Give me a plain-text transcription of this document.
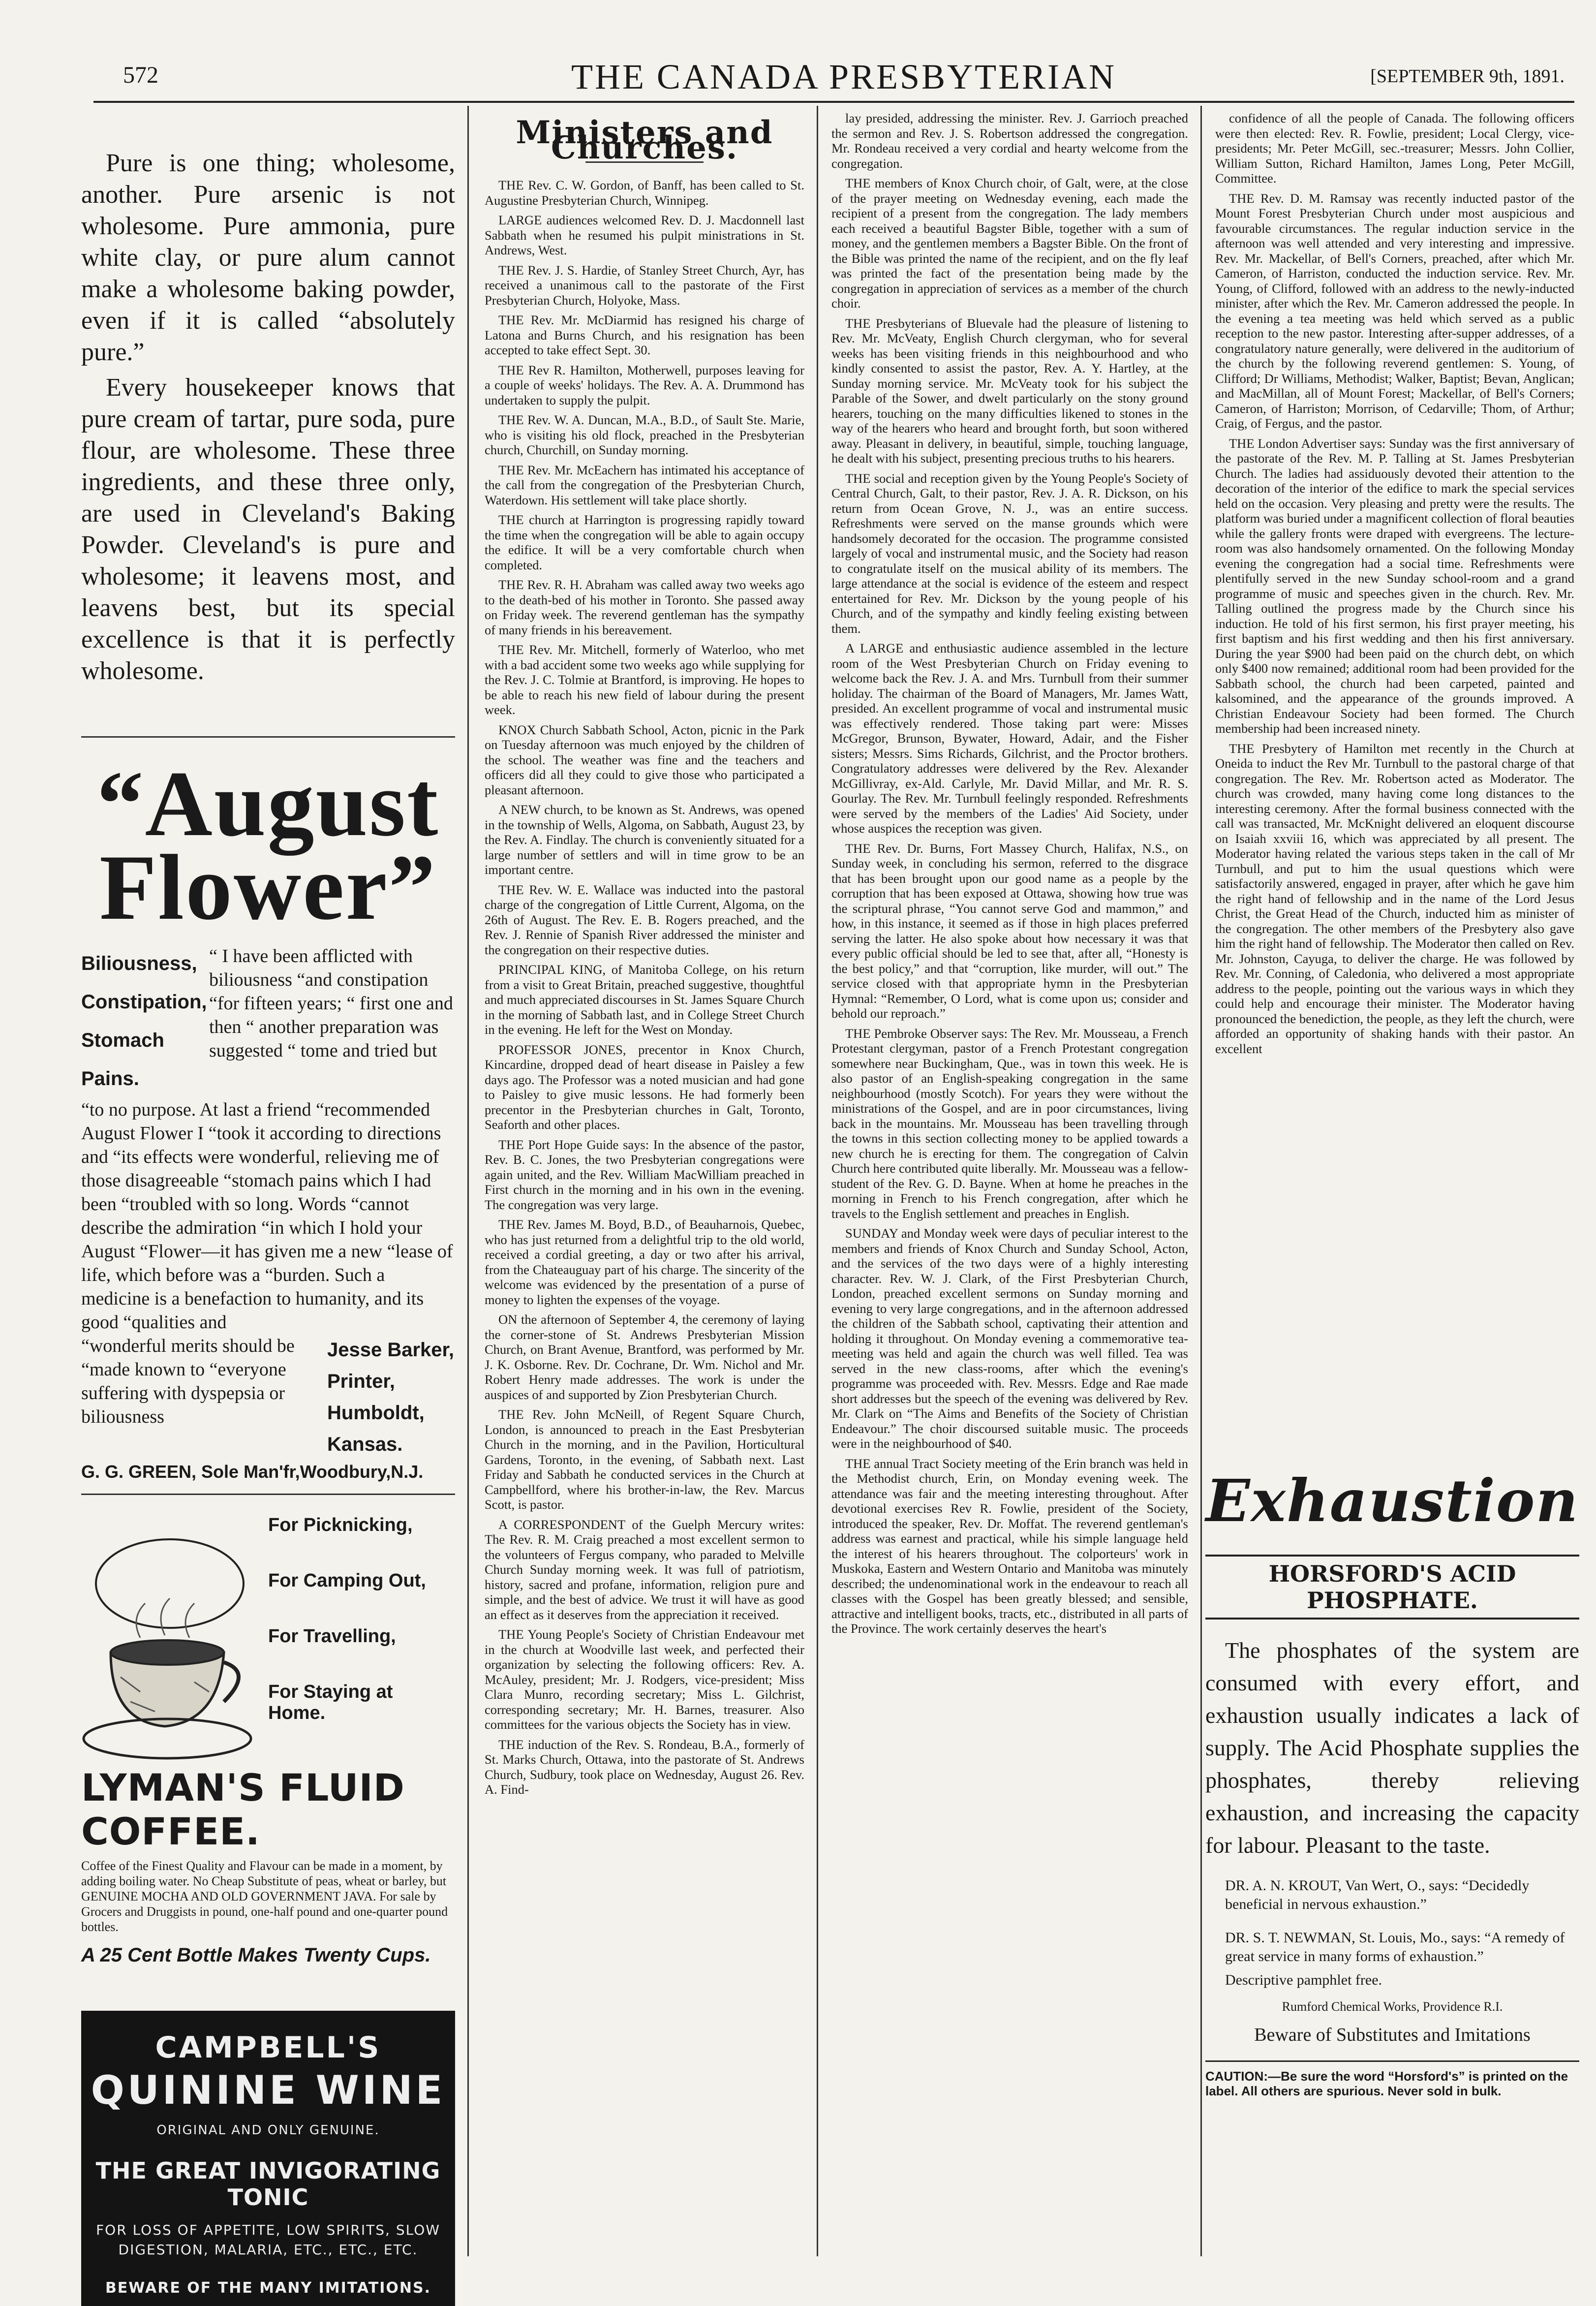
572	THE CANADA PRESBYTERIAN	[SEPTEMBER 9th, 1891.

Pure is one thing; wholesome, another. Pure arsenic is not wholesome. Pure ammonia, pure white clay, or pure alum cannot make a wholesome baking powder, even if it is called “absolutely pure.”

Every housekeeper knows that pure cream of tartar, pure soda, pure flour, are wholesome. These three ingredients, and these three only, are used in Cleveland's Baking Powder. Cleveland's is pure and wholesome; it leavens most, and leavens best, but its special excellence is that it is perfectly wholesome.

“August
Flower”
Biliousness,
Constipation,
Stomach
Pains.
“ I have been afflicted with biliousness “and constipation “for fifteen years; “ first one and then “ another preparation was suggested “ tome and tried but
“to no purpose. At last a friend “recommended August Flower I “took it according to directions and “its effects were wonderful, relieving me of those disagreeable “stomach pains which I had been “troubled with so long. Words “cannot describe the admiration “in which I hold your August “Flower—it has given me a new “lease of life, which before was a “burden. Such a medicine is a benefaction to humanity, and its good “qualities and
“wonderful merits should be “made known to “everyone suffering with dyspepsia or biliousness
Jesse Barker,
Printer,
Humboldt,
Kansas.
G. G. GREEN, Sole Man'fr,Woodbury,N.J.
For Picknicking,
For Camping Out,
For Travelling,
For Staying at Home.
LYMAN'S FLUID COFFEE.
Coffee of the Finest Quality and Flavour can be made in a moment, by adding boiling water. No Cheap Substitute of peas, wheat or barley, but GENUINE MOCHA AND OLD GOVERNMENT JAVA. For sale by Grocers and Druggists in pound, one-half pound and one-quarter pound bottles.
A 25 Cent Bottle Makes Twenty Cups.
CAMPBELL'S
QUININE WINE
ORIGINAL AND ONLY GENUINE.
THE GREAT INVIGORATING TONIC
FOR LOSS OF APPETITE, LOW SPIRITS, SLOW DIGESTION, MALARIA, ETC., ETC., ETC.
BEWARE OF THE MANY IMITATIONS.
Ministers and Churches.

THE Rev. C. W. Gordon, of Banff, has been called to St. Augustine Presbyterian Church, Winnipeg.

LARGE audiences welcomed Rev. D. J. Macdonnell last Sabbath when he resumed his pulpit ministrations in St. Andrews, West.

THE Rev. J. S. Hardie, of Stanley Street Church, Ayr, has received a unanimous call to the pastorate of the First Presbyterian Church, Holyoke, Mass.

THE Rev. Mr. McDiarmid has resigned his charge of Latona and Burns Church, and his resignation has been accepted to take effect Sept. 30.

THE Rev R. Hamilton, Motherwell, purposes leaving for a couple of weeks' holidays. The Rev. A. A. Drummond has undertaken to supply the pulpit.

THE Rev. W. A. Duncan, M.A., B.D., of Sault Ste. Marie, who is visiting his old flock, preached in the Presbyterian church, Churchill, on Sunday morning.

THE Rev. Mr. McEachern has intimated his acceptance of the call from the congregation of the Presbyterian Church, Waterdown. His settlement will take place shortly.

THE church at Harrington is progressing rapidly toward the time when the congregation will be able to again occupy the edifice. It will be a very comfortable church when completed.

THE Rev. R. H. Abraham was called away two weeks ago to the death-bed of his mother in Toronto. She passed away on Friday week. The reverend gentleman has the sympathy of many friends in his bereavement.

THE Rev. Mr. Mitchell, formerly of Waterloo, who met with a bad accident some two weeks ago while supplying for the Rev. J. C. Tolmie at Brantford, is improving. He hopes to be able to reach his new field of labour during the present week.

KNOX Church Sabbath School, Acton, picnic in the Park on Tuesday afternoon was much enjoyed by the children of the school. The weather was fine and the teachers and officers did all they could to give those who participated a pleasant afternoon.

A NEW church, to be known as St. Andrews, was opened in the township of Wells, Algoma, on Sabbath, August 23, by the Rev. A. Findlay. The church is conveniently situated for a large number of settlers and will in time grow to be an important centre.

THE Rev. W. E. Wallace was inducted into the pastoral charge of the congregation of Little Current, Algoma, on the 26th of August. The Rev. E. B. Rogers preached, and the Rev. J. Rennie of Spanish River addressed the minister and the congregation on their respective duties.

PRINCIPAL KING, of Manitoba College, on his return from a visit to Great Britain, preached suggestive, thoughtful and much appreciated discourses in St. James Square Church in the morning of Sabbath last, and in College Street Church in the evening. He left for the West on Monday.

PROFESSOR JONES, precentor in Knox Church, Kincardine, dropped dead of heart disease in Paisley a few days ago. The Professor was a noted musician and had gone to Paisley to give music lessons. He had formerly been precentor in the Presbyterian churches in Galt, Toronto, Seaforth and other places.

THE Port Hope Guide says: In the absence of the pastor, Rev. B. C. Jones, the two Presbyterian congregations were again united, and the Rev. William MacWilliam preached in First church in the morning and in his own in the evening. The congregation was very large.

THE Rev. James M. Boyd, B.D., of Beauharnois, Quebec, who has just returned from a delightful trip to the old world, received a cordial greeting, a day or two after his arrival, from the Chateauguay part of his charge. The sincerity of the welcome was evidenced by the presentation of a purse of money to lighten the expenses of the voyage.

ON the afternoon of September 4, the ceremony of laying the corner-stone of St. Andrews Presbyterian Mission Church, on Brant Avenue, Brantford, was performed by Mr. J. K. Osborne. Rev. Dr. Cochrane, Dr. Wm. Nichol and Mr. Robert Henry made addresses. The work is under the auspices of and supported by Zion Presbyterian Church.

THE Rev. John McNeill, of Regent Square Church, London, is announced to preach in the East Presbyterian Church in the morning, and in the Pavilion, Horticultural Gardens, Toronto, in the evening, of Sabbath next. Last Friday and Sabbath he conducted services in the Church at Campbellford, where his brother-in-law, the Rev. Marcus Scott, is pastor.

A CORRESPONDENT of the Guelph Mercury writes: The Rev. R. M. Craig preached a most excellent sermon to the volunteers of Fergus company, who paraded to Melville Church Sunday morning week. It was full of patriotism, history, sacred and profane, information, religion pure and simple, and the best of advice. We trust it will have as good an effect as it deserves from the appreciation it received.

THE Young People's Society of Christian Endeavour met in the church at Woodville last week, and perfected their organization by selecting the following officers: Rev. A. McAuley, president; Mr. J. Rodgers, vice-president; Miss Clara Munro, recording secretary; Miss L. Gilchrist, corresponding secretary; Mr. H. Barnes, treasurer. Also committees for the various objects the Society has in view.

THE induction of the Rev. S. Rondeau, B.A., formerly of St. Marks Church, Ottawa, into the pastorate of St. Andrews Church, Sudbury, took place on Wednesday, August 26. Rev. A. Find-

lay presided, addressing the minister. Rev. J. Garrioch preached the sermon and Rev. J. S. Robertson addressed the congregation. Mr. Rondeau received a very cordial and hearty welcome from the congregation.

THE members of Knox Church choir, of Galt, were, at the close of the prayer meeting on Wednesday evening, each made the recipient of a present from the congregation. The lady members each received a beautiful Bagster Bible, together with a sum of money, and the gentlemen members a Bagster Bible. On the front of the Bible was printed the name of the recipient, and on the fly leaf was printed the fact of the presentation being made by the congregation in appreciation of services as a member of the church choir.

THE Presbyterians of Bluevale had the pleasure of listening to Rev. Mr. McVeaty, English Church clergyman, who for several weeks has been visiting friends in this neighbourhood and who kindly consented to assist the pastor, Rev. A. Y. Hartley, at the Sunday morning service. Mr. McVeaty took for his subject the Parable of the Sower, and dwelt particularly on the stony ground hearers, touching on the many difficulties likened to stones in the way of the hearers who heard and brought forth, but soon withered away. Pleasant in delivery, in beautiful, simple, touching language, he dealt with his subject, presenting precious truths to his hearers.

THE social and reception given by the Young People's Society of Central Church, Galt, to their pastor, Rev. J. A. R. Dickson, on his return from Ocean Grove, N. J., was an entire success. Refreshments were served on the manse grounds which were handsomely decorated for the occasion. The programme consisted largely of vocal and instrumental music, and the Society had reason to congratulate itself on the musical ability of its members. The large attendance at the social is evidence of the esteem and respect entertained for Rev. Mr. Dickson by the young people of his Church, and of the sympathy and kindly feeling existing between them.

A LARGE and enthusiastic audience assembled in the lecture room of the West Presbyterian Church on Friday evening to welcome back the Rev. J. A. and Mrs. Turnbull from their summer holiday. The chairman of the Board of Managers, Mr. James Watt, presided. An excellent programme of vocal and instrumental music was effectively rendered. Those taking part were: Misses McGregor, Brunson, Bywater, Howard, Adair, and the Fisher sisters; Messrs. Sims Richards, Gilchrist, and the Proctor brothers. Congratulatory addresses were delivered by the Rev. Alexander McGillivray, ex-Ald. Carlyle, Mr. David Millar, and Mr. R. S. Gourlay. The Rev. Mr. Turnbull feelingly responded. Refreshments were served by the members of the Ladies' Aid Society, under whose auspices the reception was given.

THE Rev. Dr. Burns, Fort Massey Church, Halifax, N.S., on Sunday week, in concluding his sermon, referred to the disgrace that has been brought upon our good name as a people by the corruption that has been exposed at Ottawa, showing how true was the scriptural phrase, “You cannot serve God and mammon,” and how, in this instance, it seemed as if those in high places preferred serving the latter. He also spoke about how necessary it was that every public official should be led to see that, after all, “Honesty is the best policy,” and that “corruption, like murder, will out.” The service closed with that appropriate hymn in the Presbyterian Hymnal: “Remember, O Lord, what is come upon us; consider and behold our reproach.”

THE Pembroke Observer says: The Rev. Mr. Mousseau, a French Protestant clergyman, pastor of a French Protestant congregation somewhere near Buckingham, Que., was in town this week. He is also pastor of an English-speaking congregation in the same neighbourhood (mostly Scotch). For years they were without the ministrations of the Gospel, and are in poor circumstances, living back in the mountains. Mr. Mousseau has been travelling through the towns in this section collecting money to be applied towards a new church he is erecting for them. The congregation of Calvin Church here contributed quite liberally. Mr. Mousseau was a fellow-student of the Rev. G. D. Bayne. When at home he preaches in the morning in French to his French congregation, after which he travels to the English settlement and preaches in English.

SUNDAY and Monday week were days of peculiar interest to the members and friends of Knox Church and Sunday School, Acton, and the services of the two days were of a highly interesting character. Rev. W. J. Clark, of the First Presbyterian Church, London, preached excellent sermons on Sunday morning and evening to very large congregations, and in the afternoon addressed the children of the Sabbath school, captivating their attention and holding it throughout. On Monday evening a commemorative tea-meeting was held and again the church was well filled. Tea was served in the new class-rooms, after which the evening's programme was proceeded with. Rev. Messrs. Edge and Rae made short addresses but the speech of the evening was delivered by Rev. Mr. Clark on “The Aims and Benefits of the Society of Christian Endeavour.” The choir discoursed suitable music. The proceeds were in the neighbourhood of $40.

THE annual Tract Society meeting of the Erin branch was held in the Methodist church, Erin, on Monday evening week. The attendance was fair and the meeting interesting throughout. After devotional exercises Rev R. Fowlie, president of the Society, introduced the speaker, Rev. Dr. Moffat. The reverend gentleman's address was earnest and practical, while his simple language held the interest of his hearers throughout. The colporteurs' work in Muskoka, Eastern and Western Ontario and Manitoba was minutely described; the undenominational work in the endeavour to reach all classes with the Gospel has been greatly blessed; and sensible, attractive and intelligent books, tracts, etc., distributed in all parts of the Province. The work certainly deserves the heart's

confidence of all the people of Canada. The following officers were then elected: Rev. R. Fowlie, president; Local Clergy, vice-presidents; Mr. Peter McGill, sec.-treasurer; Messrs. John Collier, William Sutton, Richard Hamilton, James Long, Peter McGill, Committee.

THE Rev. D. M. Ramsay was recently inducted pastor of the Mount Forest Presbyterian Church under most auspicious and favourable circumstances. The regular induction service in the afternoon was well attended and very interesting and impressive. Rev. Mr. Mackellar, of Bell's Corners, preached, after which Mr. Cameron, of Harriston, conducted the induction service. Rev. Mr. Young, of Clifford, followed with an address to the newly-inducted minister, after which the Rev. Mr. Cameron addressed the people. In the evening a tea meeting was held which served as a public reception to the new pastor. Interesting after-supper addresses, of a congratulatory nature generally, were delivered in the auditorium of the church by the following reverend gentlemen: S. Young, of Clifford; Dr Williams, Methodist; Walker, Baptist; Bevan, Anglican; and MacMillan, all of Mount Forest; Mackellar, of Bell's Corners; Cameron, of Harriston; Morrison, of Cedarville; Thom, of Arthur; Craig, of Fergus, and the pastor.

THE London Advertiser says: Sunday was the first anniversary of the pastorate of the Rev. M. P. Talling at St. James Presbyterian Church. The ladies had assiduously devoted their attention to the decoration of the interior of the edifice to mark the special services held on the occasion. Very pleasing and pretty were the results. The platform was buried under a magnificent collection of floral beauties while the gallery fronts were draped with evergreens. The lecture-room was also handsomely ornamented. On the following Monday evening the congregation had a social time. Refreshments were plentifully served in the new Sunday school-room and a grand programme of music and speeches given in the church. Rev. Mr. Talling outlined the progress made by the Church since his induction. He told of his first sermon, his first prayer meeting, his first baptism and his first wedding and then his first anniversary. During the year $900 had been paid on the church debt, on which only $400 now remained; additional room had been provided for the Sabbath school, the church had been carpeted, painted and kalsomined, and the appearance of the grounds improved. A Christian Endeavour Society had been formed. The Church membership had been increased ninety.

THE Presbytery of Hamilton met recently in the Church at Oneida to induct the Rev Mr. Turnbull to the pastoral charge of that congregation. The Rev. Mr. Robertson acted as Moderator. The church was crowded, many having come long distances to the interesting ceremony. After the formal business connected with the call was transacted, Mr. McKnight delivered an eloquent discourse on Isaiah xxviii 16, which was appreciated by all present. The Moderator having related the various steps taken in the call of Mr Turnbull, and put to him the usual questions which were satisfactorily answered, engaged in prayer, after which he gave him the right hand of fellowship and in the name of the Lord Jesus Christ, the Great Head of the Church, inducted him as minister of the congregation. The other members of the Presbytery also gave him the right hand of fellowship. The Moderator then called on Rev. Mr. Johnston, Cayuga, to deliver the charge. He was followed by Rev. Mr. Conning, of Caledonia, who delivered a most appropriate address to the people, pointing out the various ways in which they could help and encourage their minister. The Moderator having pronounced the benediction, the people, as they left the church, were afforded an opportunity of shaking hands with their pastor. An excellent

Exhaustion
HORSFORD'S ACID PHOSPHATE.
The phosphates of the system are consumed with every effort, and exhaustion usually indicates a lack of supply. The Acid Phosphate supplies the phosphates, thereby relieving exhaustion, and increasing the capacity for labour. Pleasant to the taste.
DR. A. N. KROUT, Van Wert, O., says: “Decidedly beneficial in nervous exhaustion.”
DR. S. T. NEWMAN, St. Louis, Mo., says: “A remedy of great service in many forms of exhaustion.”
Descriptive pamphlet free.
Rumford Chemical Works, Providence R.I.
Beware of Substitutes and Imitations
CAUTION:—Be sure the word “Horsford's” is printed on the label. All others are spurious. Never sold in bulk.
